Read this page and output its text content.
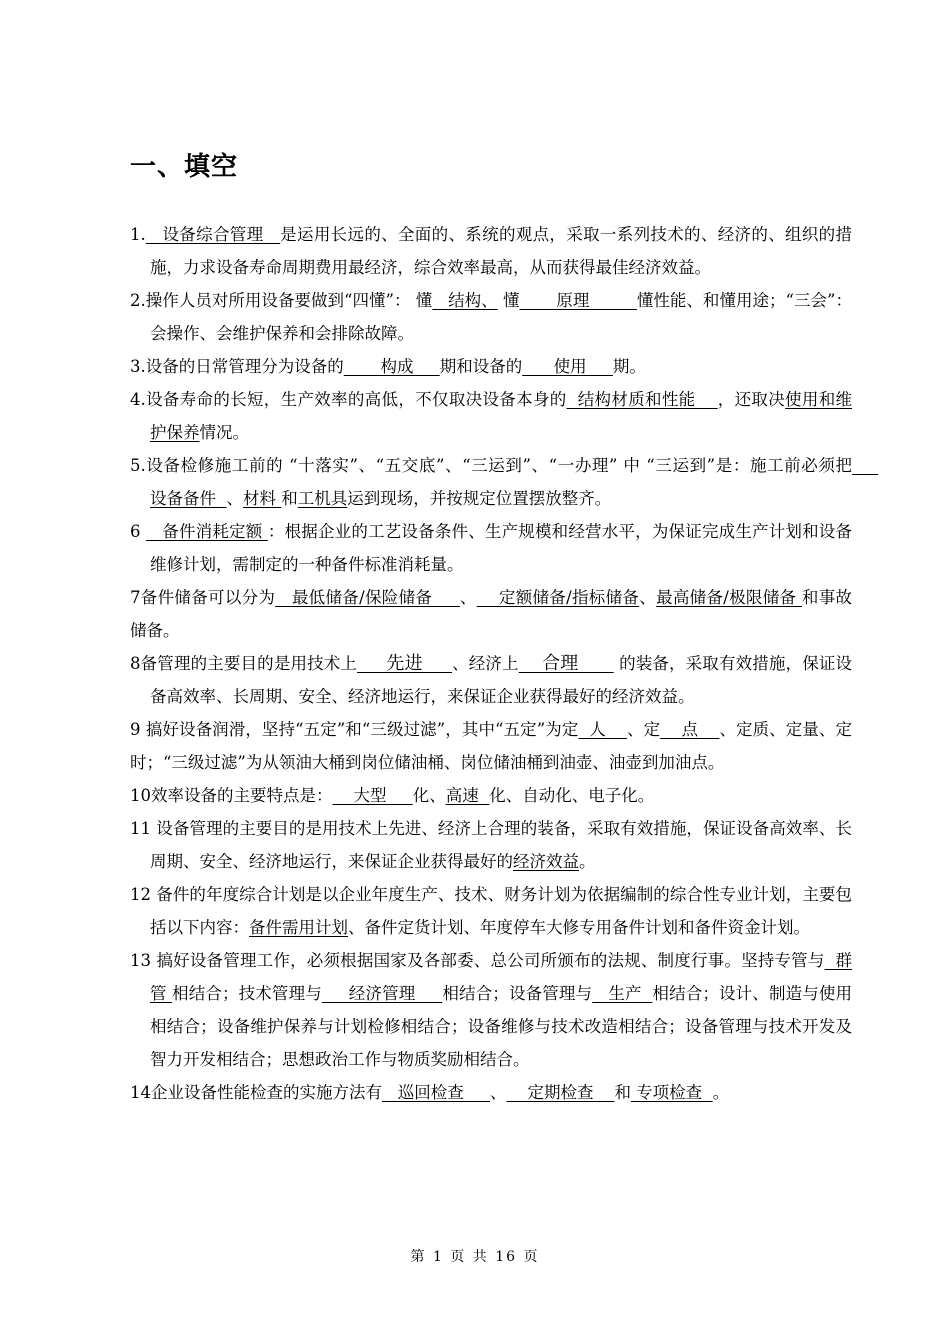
一、填空

1.   设备综合管理   是运用长远的、全面的、系统的观点，采取一系列技术的、经济的、组织的措施，力求设备寿命周期费用最经济，综合效率最高，从而获得最佳经济效益。

2.操作人员对所用设备要做到“四懂”： 懂   结构、 懂       原理         懂性能、和懂用途；“三会”：会操作、会维护保养和会排除故障。

3.设备的日常管理分为设备的       构成     期和设备的      使用     期。

4.设备寿命的长短，生产效率的高低，不仅取决设备本身的  结构材质和性能    ，还取决使用和维护保养情况。

5.设备检修施工前的 “十落实”、“五交底”、“三运到”、“一办理” 中 “三运到”是：施工前必须把     设备备件  、材料 和工机具运到现场，并按规定位置摆放整齐。

6    备件消耗定额 ：根据企业的工艺设备条件、生产规模和经营水平，为保证完成生产计划和设备维修计划，需制定的一种备件标准消耗量。

7备件储备可以分为   最低储备/保险储备     、    定额储备/指标储备、最高储备/极限储备 和事故储备。

8备管理的主要目的是用技术上     先进     、经济上    合理       的装备，采取有效措施，保证设备高效率、长周期、安全、经济地运行，来保证企业获得最好的经济效益。

9 搞好设备润滑，坚持“五定”和“三级过滤”，其中“五定”为定  人    、定    点    、定质、定量、定时；“三级过滤”为从领油大桶到岗位储油桶、岗位储油桶到油壶、油壶到加油点。

10效率设备的主要特点是：    大型     化、高速  化、自动化、电子化。

11 设备管理的主要目的是用技术上先进、经济上合理的装备，采取有效措施，保证设备高效率、长周期、安全、经济地运行，来保证企业获得最好的经济效益。

12 备件的年度综合计划是以企业年度生产、技术、财务计划为依据编制的综合性专业计划，主要包括以下内容：备件需用计划、备件定货计划、年度停车大修专用备件计划和备件资金计划。

13 搞好设备管理工作，必须根据国家及各部委、总公司所颁布的法规、制度行事。坚持专管与  群管 相结合；技术管理与     经济管理     相结合；设备管理与   生产  相结合；设计、制造与使用相结合；设备维护保养与计划检修相结合；设备维修与技术改造相结合；设备管理与技术开发及智力开发相结合；思想政治工作与物质奖励相结合。

14企业设备性能检查的实施方法有   巡回检查     、    定期检查    和 专项检查  。

第 1 页 共 16 页
